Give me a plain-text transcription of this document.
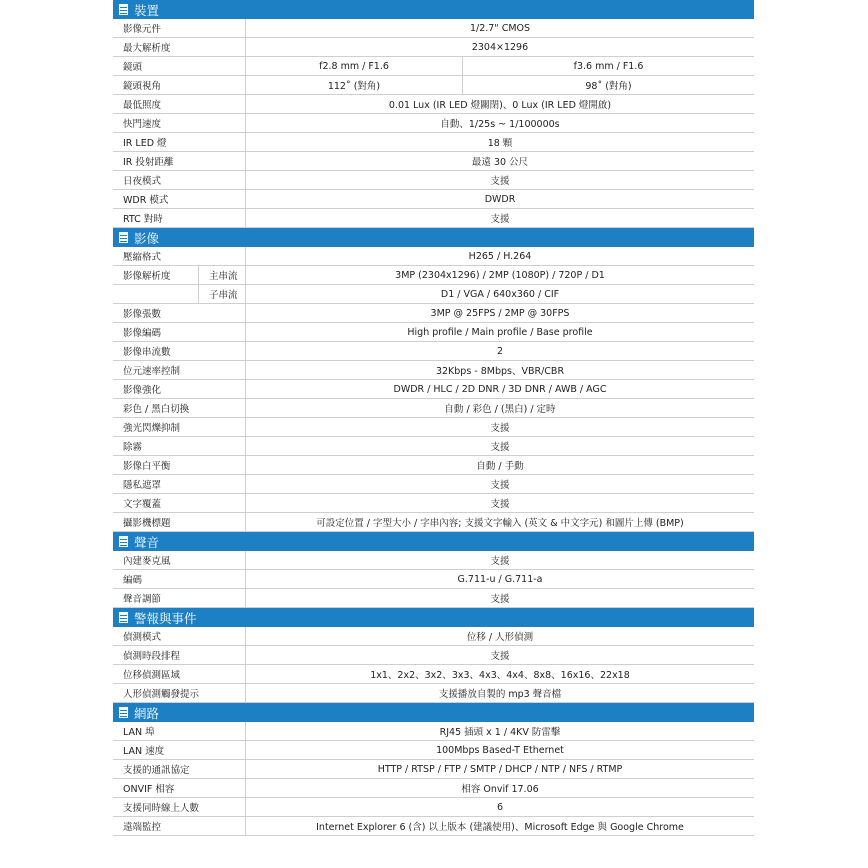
裝置
影像元件	1/2.7" CMOS
最大解析度	2304×1296
鏡頭	f2.8 mm / F1.6	f3.6 mm / F1.6
鏡頭視角	112˚ (對角)	98˚ (對角)
最低照度	0.01 Lux (IR LED 燈關閉)、0 Lux (IR LED 燈開啟)
快門速度	自動、1/25s ~ 1/100000s
IR LED 燈	18 顆
IR 投射距離	最遠 30 公尺
日夜模式	支援
WDR 模式	DWDR
RTC 對時	支援
影像
壓縮格式	H265 / H.264
影像解析度	主串流	3MP (2304x1296) / 2MP (1080P) / 720P / D1
子串流	D1 / VGA / 640x360 / CIF
影像張數	3MP @ 25FPS / 2MP @ 30FPS
影像編碼	High profile / Main profile / Base profile
影像串流數	2
位元速率控制	32Kbps - 8Mbps、VBR/CBR
影像強化	DWDR / HLC / 2D DNR / 3D DNR / AWB / AGC
彩色 / 黑白切換	自動 / 彩色 / (黑白) / 定時
強光閃爍抑制	支援
除霧	支援
影像白平衡	自動 / 手動
隱私遮罩	支援
文字覆蓋	支援
攝影機標題	可設定位置 / 字型大小 / 字串內容; 支援文字輸入 (英文 & 中文字元) 和圖片上傳 (BMP)
聲音
內建麥克風	支援
編碼	G.711-u / G.711-a
聲音調節	支援
警報與事件
偵測模式	位移 / 人形偵測
偵測時段排程	支援
位移偵測區域	1x1、2x2、3x2、3x3、4x3、4x4、8x8、16x16、22x18
人形偵測觸發提示	支援播放自製的 mp3 聲音檔
網路
LAN 埠	RJ45 插頭 x 1 / 4KV 防雷擊
LAN 速度	100Mbps Based-T Ethernet
支援的通訊協定	HTTP / RTSP / FTP / SMTP / DHCP / NTP / NFS / RTMP
ONVIF 相容	相容 Onvif 17.06
支援同時線上人數	6
遠端監控	Internet Explorer 6 (含) 以上版本 (建議使用)、Microsoft Edge 與 Google Chrome
